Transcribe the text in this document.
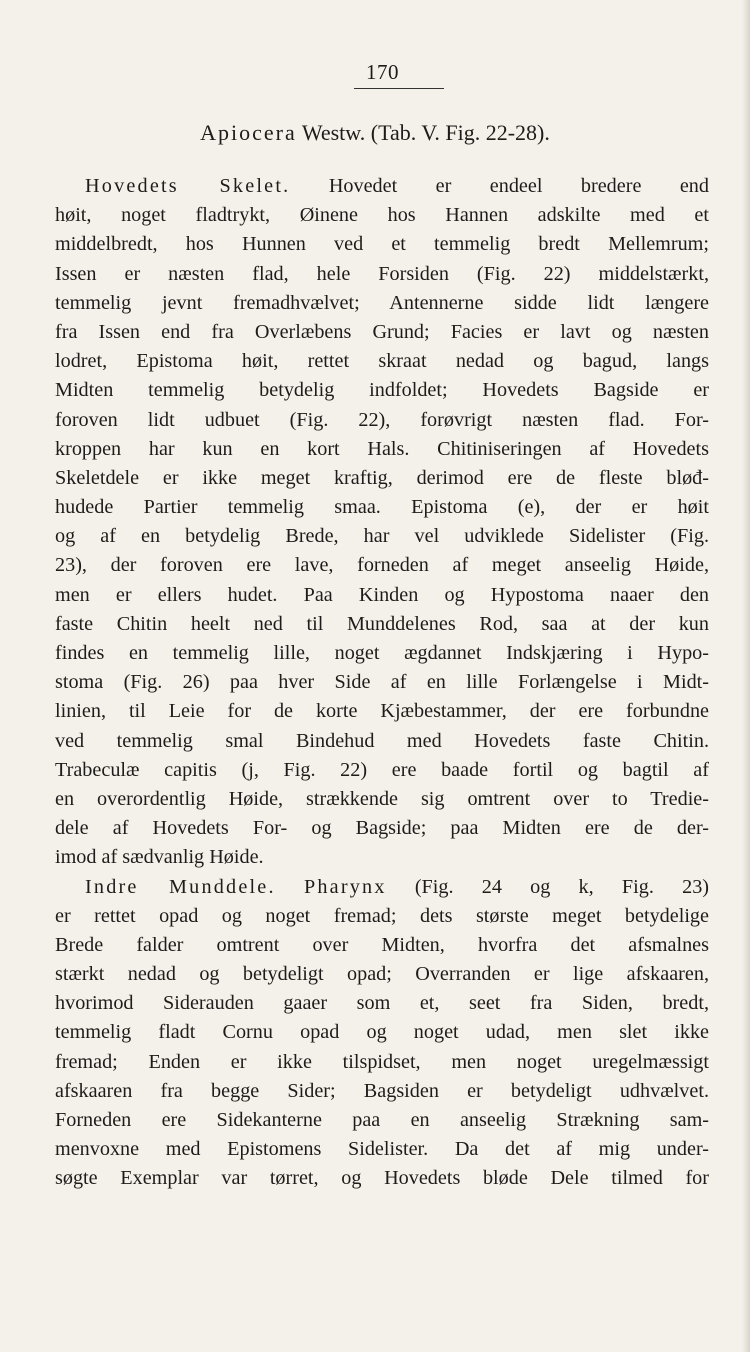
170
Apiocera Westw. (Tab. V. Fig. 22-28).
Hovedets Skelet. Hovedet er endeel bredere end
høit, noget fladtrykt, Øinene hos Hannen adskilte med et
middelbredt, hos Hunnen ved et temmelig bredt Mellemrum;
Issen er næsten flad, hele Forsiden (Fig. 22) middelstærkt,
temmelig jevnt fremadhvælvet; Antennerne sidde lidt længere
fra Issen end fra Overlæbens Grund; Facies er lavt og næsten
lodret, Epistoma høit, rettet skraat nedad og bagud, langs
Midten temmelig betydelig indfoldet; Hovedets Bagside er
foroven lidt udbuet (Fig. 22), forøvrigt næsten flad. For-
kroppen har kun en kort Hals. Chitiniseringen af Hovedets
Skeletdele er ikke meget kraftig, derimod ere de fleste bløđ-
hudede Partier temmelig smaa. Epistoma (e), der er høit
og af en betydelig Brede, har vel udviklede Sidelister (Fig.
23), der foroven ere lave, forneden af meget anseelig Høide,
men er ellers hudet. Paa Kinden og Hypostoma naaer den
faste Chitin heelt ned til Munddelenes Rod, saa at der kun
findes en temmelig lille, noget ægdannet Indskjæring i Hypo-
stoma (Fig. 26) paa hver Side af en lille Forlængelse i Midt-
linien, til Leie for de korte Kjæbestammer, der ere forbundne
ved temmelig smal Bindehud med Hovedets faste Chitin.
Trabeculæ capitis (j, Fig. 22) ere baade fortil og bagtil af
en overordentlig Høide, strækkende sig omtrent over to Tredie-
dele af Hovedets For- og Bagside; paa Midten ere de der-
imod af sædvanlig Høide.
Indre Munddele. Pharynx (Fig. 24 og k, Fig. 23)
er rettet opad og noget fremad; dets største meget betydelige
Brede falder omtrent over Midten, hvorfra det afsmalnes
stærkt nedad og betydeligt opad; Overranden er lige afskaaren,
hvorimod Siderauden gaaer som et, seet fra Siden, bredt,
temmelig fladt Cornu opad og noget udad, men slet ikke
fremad; Enden er ikke tilspidset, men noget uregelmæssigt
afskaaren fra begge Sider; Bagsiden er betydeligt udhvælvet.
Forneden ere Sidekanterne paa en anseelig Strækning sam-
menvoxne med Epistomens Sidelister. Da det af mig under-
søgte Exemplar var tørret, og Hovedets bløde Dele tilmed for
